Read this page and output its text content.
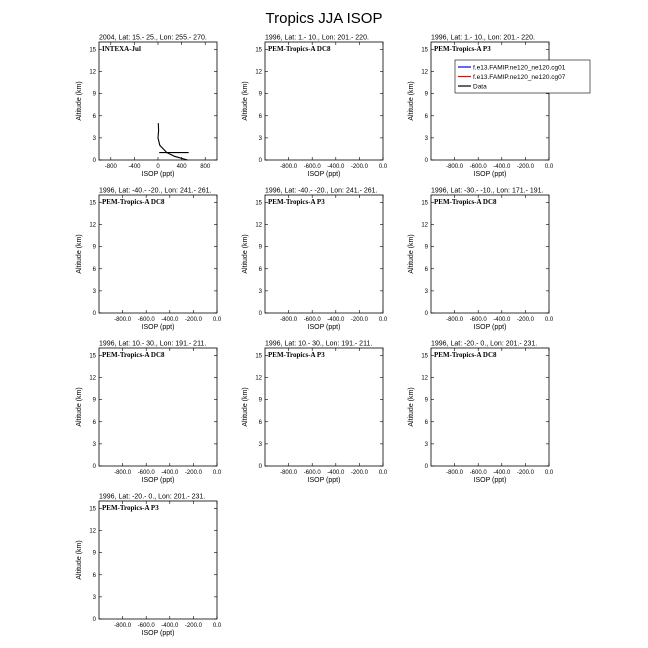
Tropics JJA ISOP
2004, Lat: 15.- 25., Lon: 255.- 270.
INTEXA-Jul
0
3
6
9
12
15
-800 -400	0	400 800
ISOP (ppt)
Altitude (km)
1996, Lat: 1.- 10., Lon: 201.- 220.
PEM-Tropics-A DC8
0
3
6
9
12
15
-800.0 -600.0 -400.0 -200.0 0.0
ISOP (ppt)
Altitude (km)
1996, Lat: 1.- 10., Lon: 201.- 220.
PEM-Tropics-A P3
0
3
6
9
12
15
-800.0 -600.0 -400.0 -200.0 0.0
ISOP (ppt)
Altitude (km)
1996, Lat: -40.- -20., Lon: 241.- 261.
PEM-Tropics-A DC8
0
3
6
9
12
15
-800.0 -600.0 -400.0 -200.0 0.0
ISOP (ppt)
Altitude (km)
1996, Lat: -40.- -20., Lon: 241.- 261.
PEM-Tropics-A P3
0
3
6
9
12
15
-800.0 -600.0 -400.0 -200.0 0.0
ISOP (ppt)
Altitude (km)
1996, Lat: -30.- -10., Lon: 171.- 191.
PEM-Tropics-A DC8
0
3
6
9
12
15
-800.0 -600.0 -400.0 -200.0 0.0
ISOP (ppt)
Altitude (km)
1996, Lat: 10.- 30., Lon: 191.- 211.
PEM-Tropics-A DC8
0
3
6
9
12
15
-800.0 -600.0 -400.0 -200.0 0.0
ISOP (ppt)
Altitude (km)
1996, Lat: 10.- 30., Lon: 191.- 211.
PEM-Tropics-A P3
0
3
6
9
12
15
-800.0 -600.0 -400.0 -200.0 0.0
ISOP (ppt)
Altitude (km)
1996, Lat: -20.- 0., Lon: 201.- 231.
PEM-Tropics-A DC8
0
3
6
9
12
15
-800.0 -600.0 -400.0 -200.0 0.0
ISOP (ppt)
Altitude (km)
1996, Lat: -20.- 0., Lon: 201.- 231.
PEM-Tropics-A P3
0
3
6
9
12
15
-800.0 -600.0 -400.0 -200.0 0.0
ISOP (ppt)
Altitude (km)
f.e13.FAMIP.ne120_ne120.cg01
f.e13.FAMIP.ne120_ne120.cg07
Data
